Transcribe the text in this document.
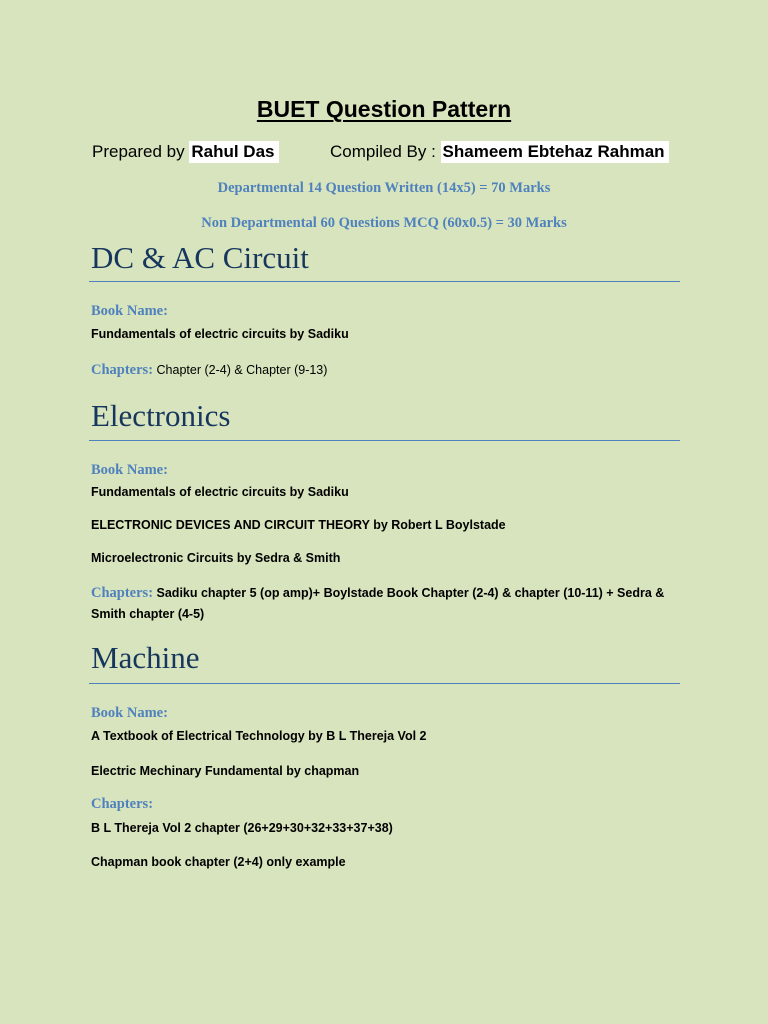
BUET Question Pattern
Prepared by Rahul Das	Compiled By : Shameem Ebtehaz Rahman
Departmental 14 Question Written (14x5) = 70 Marks
Non Departmental 60 Questions MCQ (60x0.5) = 30 Marks
DC & AC Circuit
Book Name:
Fundamentals of electric circuits by Sadiku
Chapters: Chapter (2-4) & Chapter (9-13)
Electronics
Book Name:
Fundamentals of electric circuits by Sadiku
ELECTRONIC DEVICES AND CIRCUIT THEORY by Robert L Boylstade
Microelectronic Circuits by Sedra & Smith
Chapters: Sadiku chapter 5 (op amp)+ Boylstade Book Chapter (2-4) & chapter (10-11) + Sedra & Smith chapter (4-5)
Machine
Book Name:
A Textbook of Electrical Technology by B L Thereja Vol 2
Electric Mechinary Fundamental by chapman
Chapters:
B L Thereja Vol 2 chapter (26+29+30+32+33+37+38)
Chapman book chapter (2+4) only example
